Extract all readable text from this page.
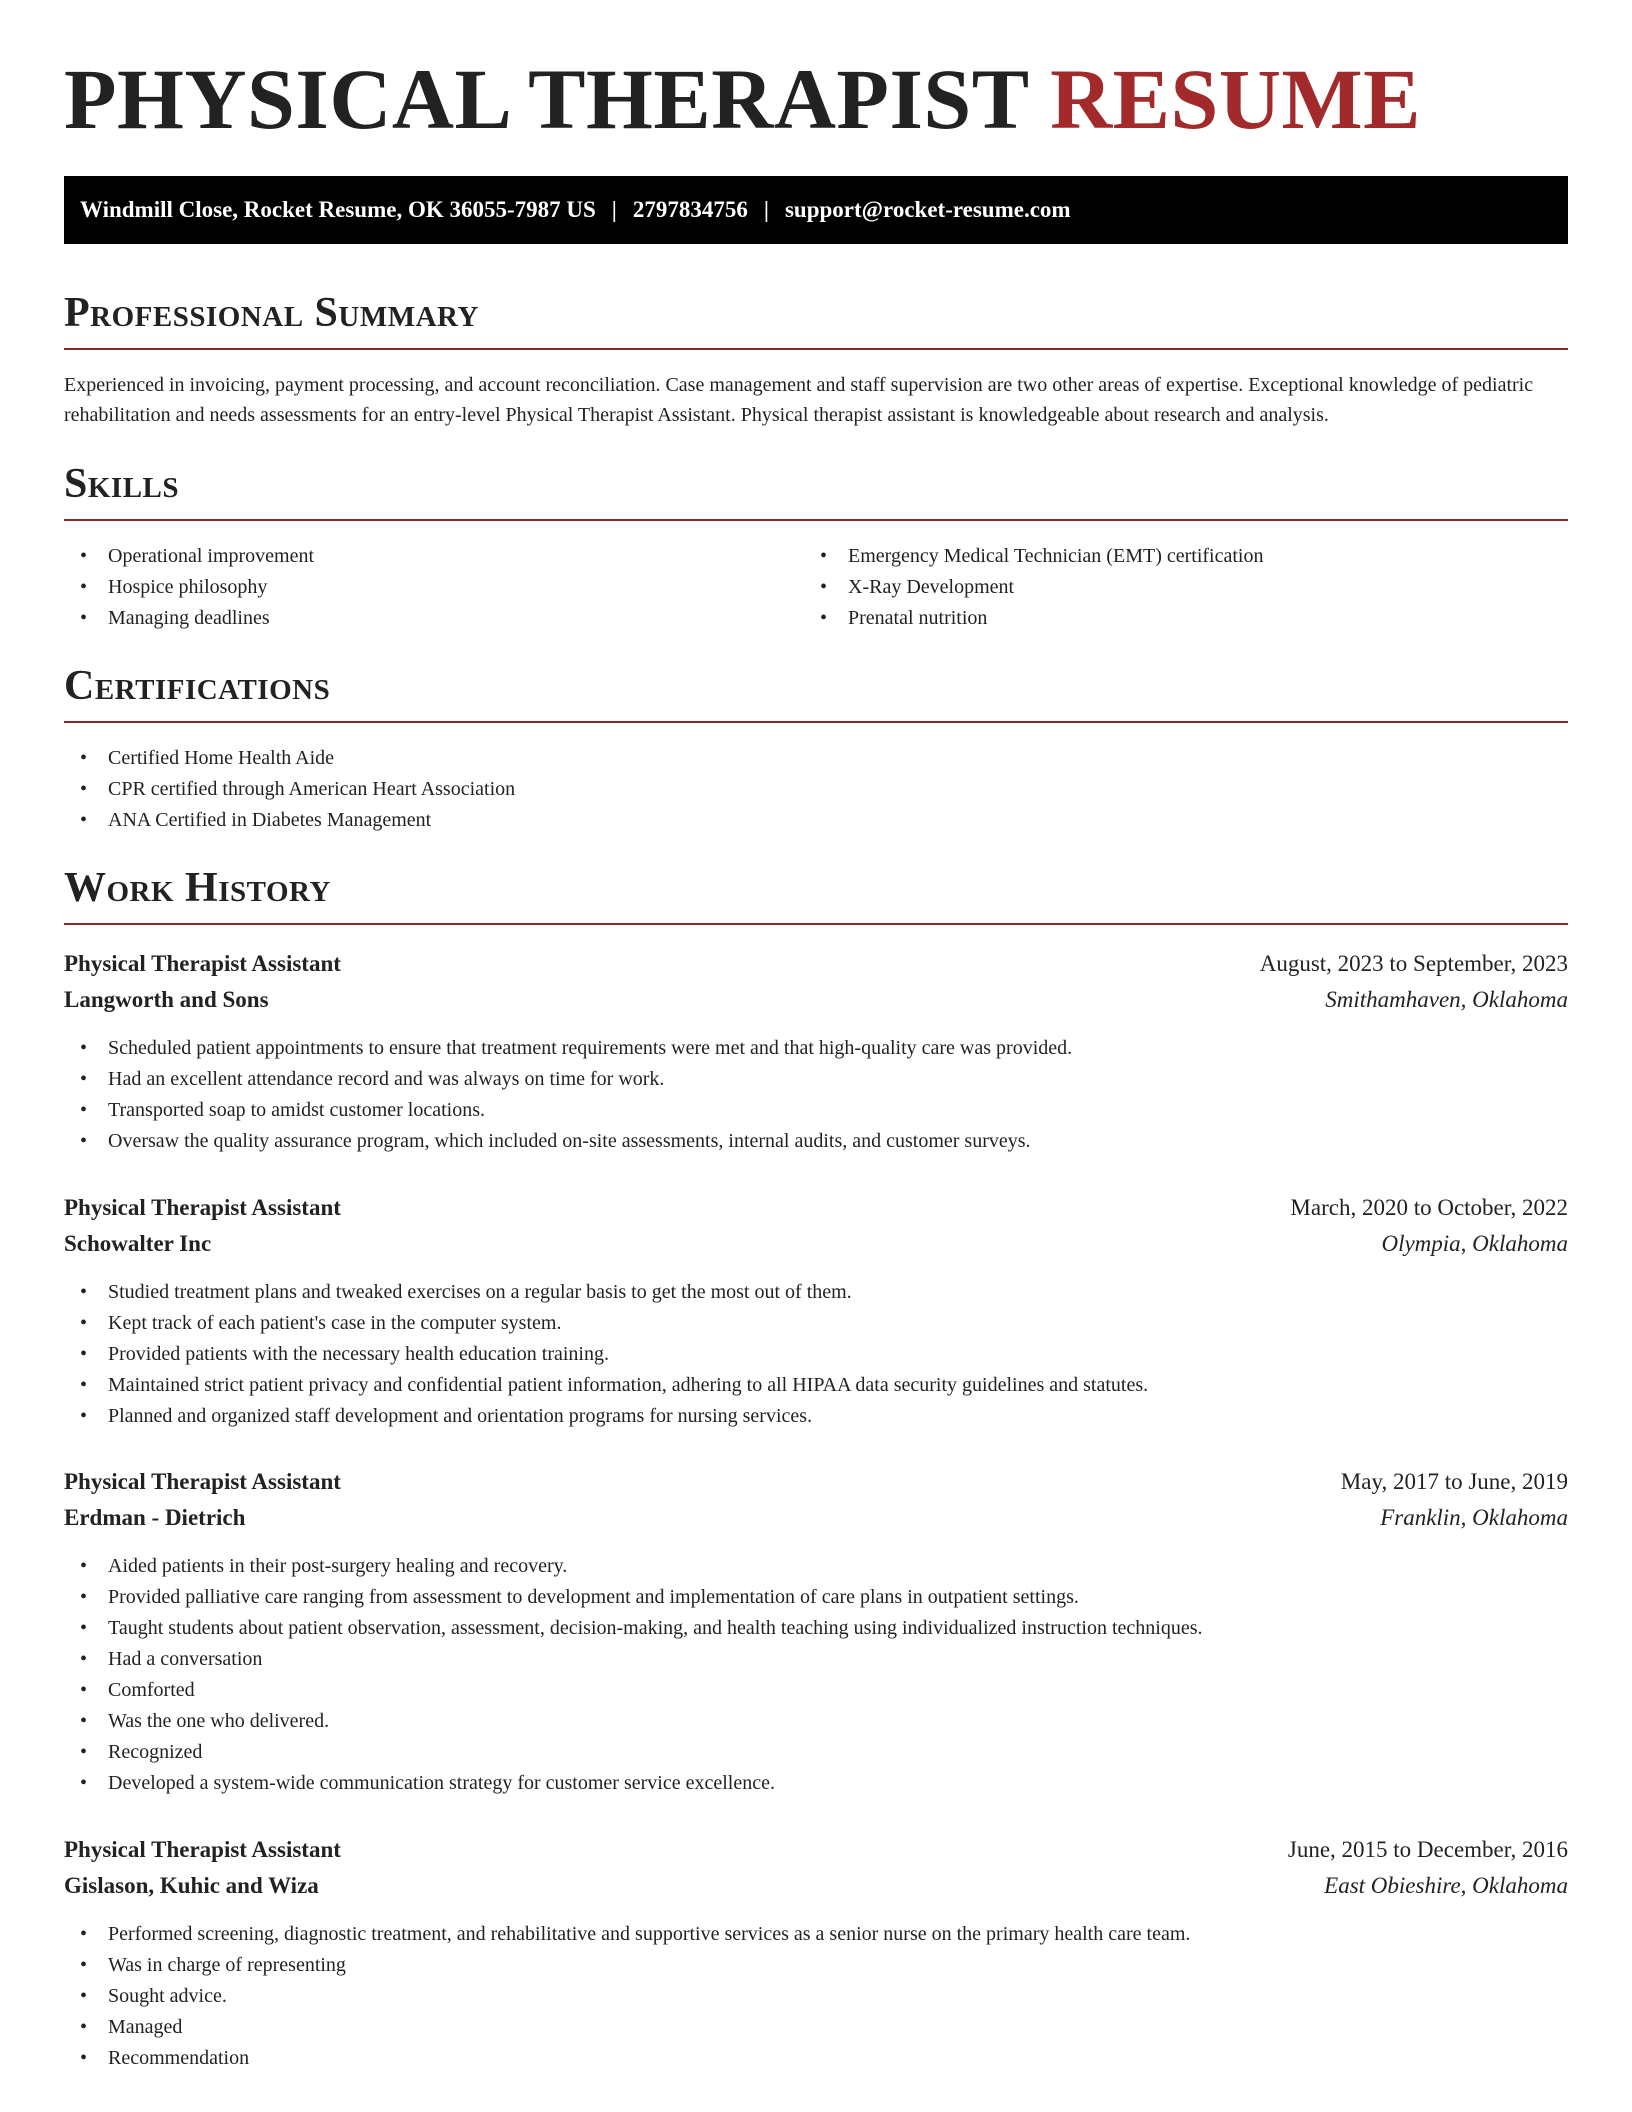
PHYSICAL THERAPIST RESUME
Windmill Close, Rocket Resume, OK 36055-7987 US | 2797834756 | support@rocket-resume.com
Professional Summary

Experienced in invoicing, payment processing, and account reconciliation. Case management and staff supervision are two other areas of expertise. Exceptional knowledge of pediatric rehabilitation and needs assessments for an entry-level Physical Therapist Assistant. Physical therapist assistant is knowledgeable about research and analysis.

Skills
• Operational improvement
• Hospice philosophy
• Managing deadlines
• Emergency Medical Technician (EMT) certification
• X-Ray Development
• Prenatal nutrition
Certifications
• Certified Home Health Aide
• CPR certified through American Heart Association
• ANA Certified in Diabetes Management
Work History
Physical Therapist Assistant	August, 2023 to September, 2023
Langworth and Sons	Smithamhaven, Oklahoma
• Scheduled patient appointments to ensure that treatment requirements were met and that high-quality care was provided.
• Had an excellent attendance record and was always on time for work.
• Transported soap to amidst customer locations.
• Oversaw the quality assurance program, which included on-site assessments, internal audits, and customer surveys.
Physical Therapist Assistant	March, 2020 to October, 2022
Schowalter Inc	Olympia, Oklahoma
• Studied treatment plans and tweaked exercises on a regular basis to get the most out of them.
• Kept track of each patient's case in the computer system.
• Provided patients with the necessary health education training.
• Maintained strict patient privacy and confidential patient information, adhering to all HIPAA data security guidelines and statutes.
• Planned and organized staff development and orientation programs for nursing services.
Physical Therapist Assistant	May, 2017 to June, 2019
Erdman - Dietrich	Franklin, Oklahoma
• Aided patients in their post-surgery healing and recovery.
• Provided palliative care ranging from assessment to development and implementation of care plans in outpatient settings.
• Taught students about patient observation, assessment, decision-making, and health teaching using individualized instruction techniques.
• Had a conversation
• Comforted
• Was the one who delivered.
• Recognized
• Developed a system-wide communication strategy for customer service excellence.
Physical Therapist Assistant	June, 2015 to December, 2016
Gislason, Kuhic and Wiza	East Obieshire, Oklahoma
• Performed screening, diagnostic treatment, and rehabilitative and supportive services as a senior nurse on the primary health care team.
• Was in charge of representing
• Sought advice.
• Managed
• Recommendation
